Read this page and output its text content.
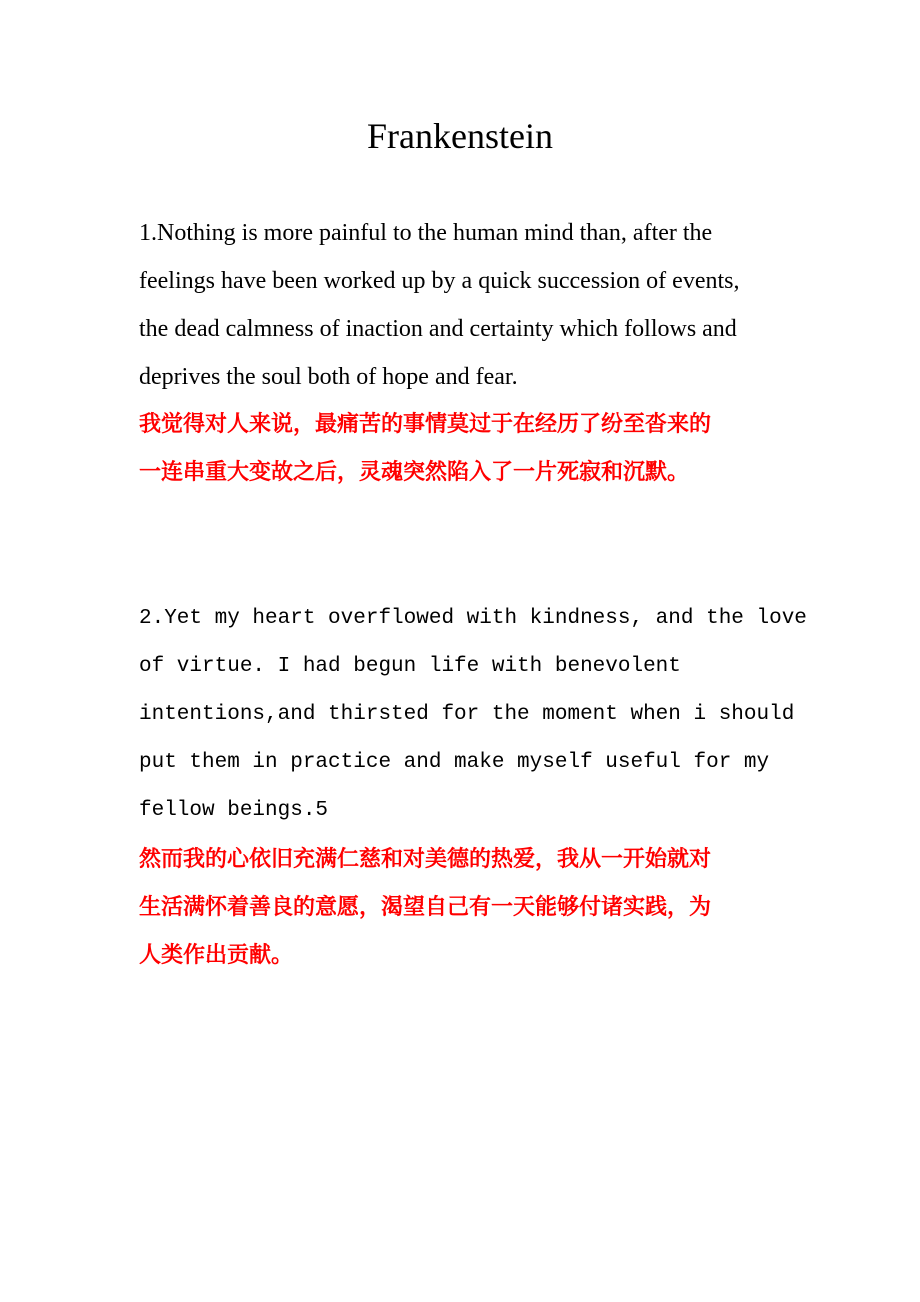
Frankenstein
1.Nothing is more painful to the human mind than, after the
feelings have been worked up by a quick succession of events,
the dead calmness of inaction and certainty which follows and
deprives the soul both of hope and fear.
我觉得对人来说，最痛苦的事情莫过于在经历了纷至沓来的
一连串重大变故之后，灵魂突然陷入了一片死寂和沉默。
2.Yet my heart overflowed with kindness, and the love
of virtue. I had begun life with benevolent
intentions,and thirsted for the moment when i should
put them in practice and make myself useful for my
fellow beings.5
然而我的心依旧充满仁慈和对美德的热爱，我从一开始就对
生活满怀着善良的意愿，渴望自己有一天能够付诸实践，为
人类作出贡献。
